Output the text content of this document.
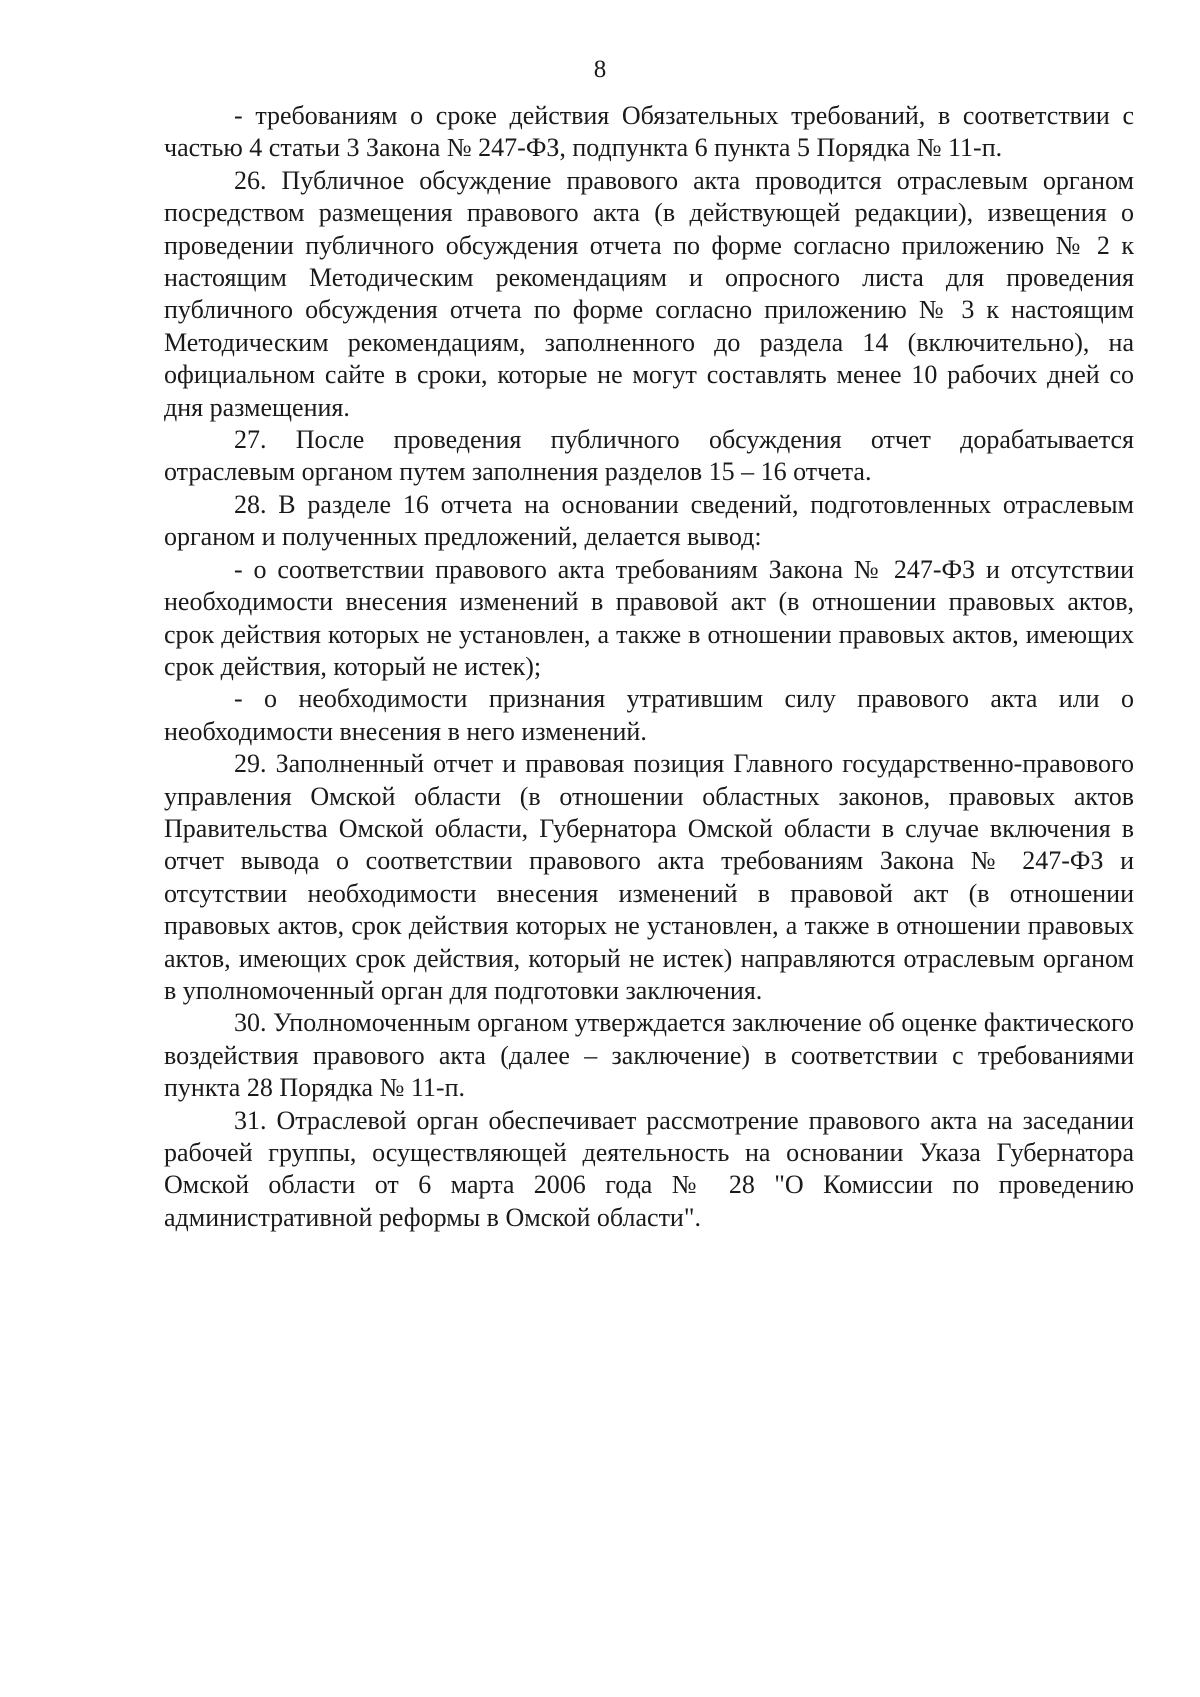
8

- требованиям о сроке действия Обязательных требований, в соответствии с частью 4 статьи 3 Закона № 247-ФЗ, подпункта 6 пункта 5 Порядка № 11-п.

26. Публичное обсуждение правового акта проводится отраслевым органом посредством размещения правового акта (в действующей редакции), извещения о проведении публичного обсуждения отчета по форме согласно приложению № 2 к настоящим Методическим рекомендациям и опросного листа для проведения публичного обсуждения отчета по форме согласно приложению № 3 к настоящим Методическим рекомендациям, заполненного до раздела 14 (включительно), на официальном сайте в сроки, которые не могут составлять менее 10 рабочих дней со дня размещения.

27. После проведения публичного обсуждения отчет дорабатывается отраслевым органом путем заполнения разделов 15 – 16 отчета.

28. В разделе 16 отчета на основании сведений, подготовленных отраслевым органом и полученных предложений, делается вывод:

- о соответствии правового акта требованиям Закона № 247-ФЗ и отсутствии необходимости внесения изменений в правовой акт (в отношении правовых актов, срок действия которых не установлен, а также в отношении правовых актов, имеющих срок действия, который не истек);

- о необходимости признания утратившим силу правового акта или о необходимости внесения в него изменений.

29. Заполненный отчет и правовая позиция Главного государственно-правового управления Омской области (в отношении областных законов, правовых актов Правительства Омской области, Губернатора Омской области в случае включения в отчет вывода о соответствии правового акта требованиям Закона № 247-ФЗ и отсутствии необходимости внесения изменений в правовой акт (в отношении правовых актов, срок действия которых не установлен, а также в отношении правовых актов, имеющих срок действия, который не истек) направляются отраслевым органом в уполномоченный орган для подготовки заключения.

30. Уполномоченным органом утверждается заключение об оценке фактического воздействия правового акта (далее – заключение) в соответствии с требованиями пункта 28 Порядка № 11-п.

31. Отраслевой орган обеспечивает рассмотрение правового акта на заседании рабочей группы, осуществляющей деятельность на основании Указа Губернатора Омской области от 6 марта 2006 года № 28 "О Комиссии по проведению административной реформы в Омской области".
